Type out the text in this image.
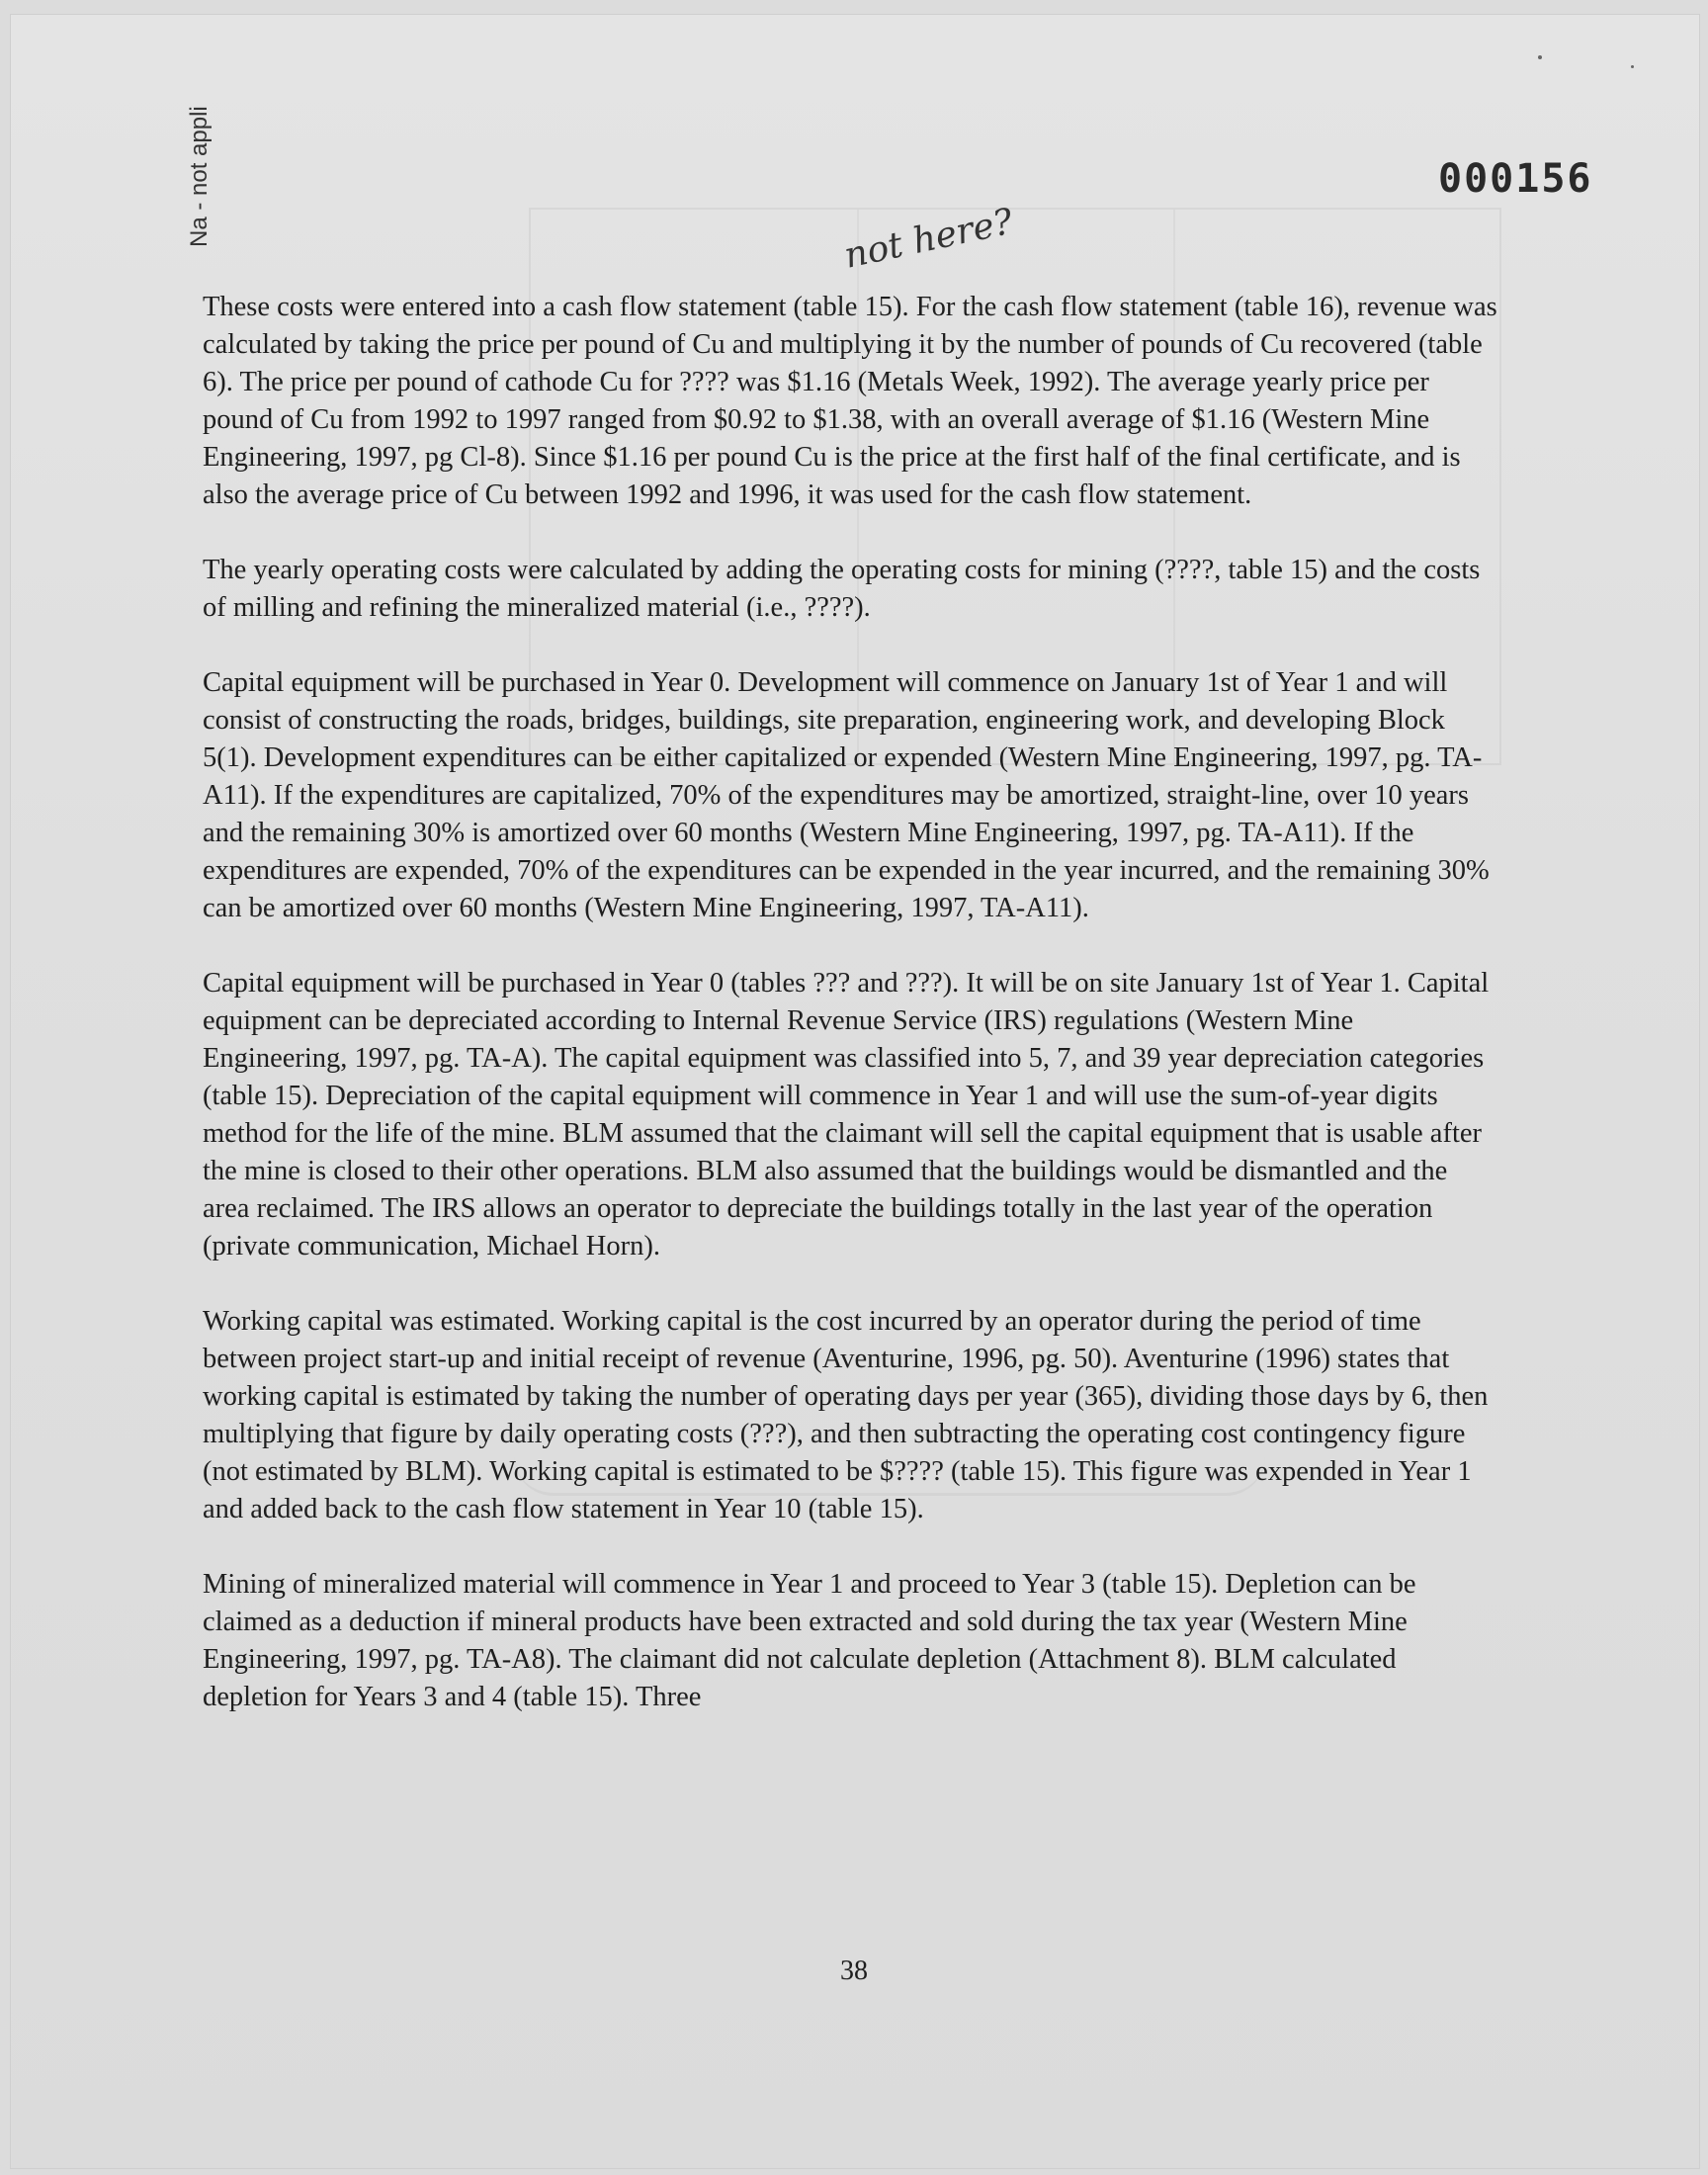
Na - not appli	000156
not here?

These costs were entered into a cash flow statement (table 15). For the cash flow statement (table 16), revenue was calculated by taking the price per pound of Cu and multiplying it by the number of pounds of Cu recovered (table 6). The price per pound of cathode Cu for ???? was $1.16 (Metals Week, 1992). The average yearly price per pound of Cu from 1992 to 1997 ranged from $0.92 to $1.38, with an overall average of $1.16 (Western Mine Engineering, 1997, pg Cl-8). Since $1.16 per pound Cu is the price at the first half of the final certificate, and is also the average price of Cu between 1992 and 1996, it was used for the cash flow statement.

The yearly operating costs were calculated by adding the operating costs for mining (????, table 15) and the costs of milling and refining the mineralized material (i.e., ????).

Capital equipment will be purchased in Year 0. Development will commence on January 1st of Year 1 and will consist of constructing the roads, bridges, buildings, site preparation, engineering work, and developing Block 5(1). Development expenditures can be either capitalized or expended (Western Mine Engineering, 1997, pg. TA-A11). If the expenditures are capitalized, 70% of the expenditures may be amortized, straight-line, over 10 years and the remaining 30% is amortized over 60 months (Western Mine Engineering, 1997, pg. TA-A11). If the expenditures are expended, 70% of the expenditures can be expended in the year incurred, and the remaining 30% can be amortized over 60 months (Western Mine Engineering, 1997, TA-A11).

Capital equipment will be purchased in Year 0 (tables ??? and ???). It will be on site January 1st of Year 1. Capital equipment can be depreciated according to Internal Revenue Service (IRS) regulations (Western Mine Engineering, 1997, pg. TA-A). The capital equipment was classified into 5, 7, and 39 year depreciation categories (table 15). Depreciation of the capital equipment will commence in Year 1 and will use the sum-of-year digits method for the life of the mine. BLM assumed that the claimant will sell the capital equipment that is usable after the mine is closed to their other operations. BLM also assumed that the buildings would be dismantled and the area reclaimed. The IRS allows an operator to depreciate the buildings totally in the last year of the operation (private communication, Michael Horn).

Working capital was estimated. Working capital is the cost incurred by an operator during the period of time between project start-up and initial receipt of revenue (Aventurine, 1996, pg. 50). Aventurine (1996) states that working capital is estimated by taking the number of operating days per year (365), dividing those days by 6, then multiplying that figure by daily operating costs (???), and then subtracting the operating cost contingency figure (not estimated by BLM). Working capital is estimated to be $???? (table 15). This figure was expended in Year 1 and added back to the cash flow statement in Year 10 (table 15).

Mining of mineralized material will commence in Year 1 and proceed to Year 3 (table 15). Depletion can be claimed as a deduction if mineral products have been extracted and sold during the tax year (Western Mine Engineering, 1997, pg. TA-A8). The claimant did not calculate depletion (Attachment 8). BLM calculated depletion for Years 3 and 4 (table 15). Three

38
